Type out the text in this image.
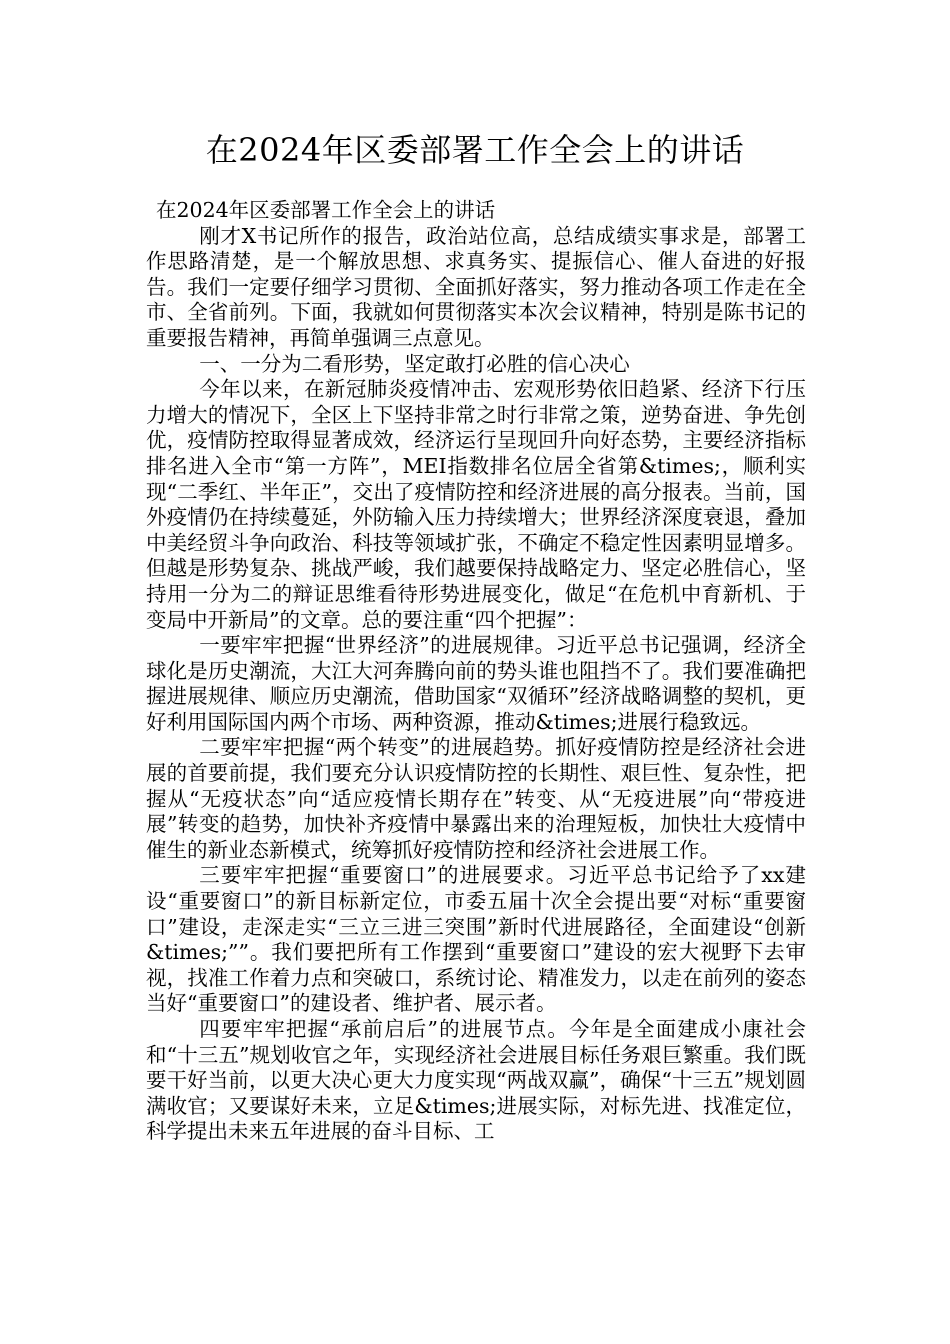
在2024年区委部署工作全会上的讲话

在2024年区委部署工作全会上的讲话

刚才X书记所作的报告，政治站位高，总结成绩实事求是，部署工作思路清楚，是一个解放思想、求真务实、提振信心、催人奋进的好报告。我们一定要仔细学习贯彻、全面抓好落实，努力推动各项工作走在全市、全省前列。下面，我就如何贯彻落实本次会议精神，特别是陈书记的重要报告精神，再简单强调三点意见。

一、一分为二看形势，坚定敢打必胜的信心决心

今年以来，在新冠肺炎疫情冲击、宏观形势依旧趋紧、经济下行压力增大的情况下，全区上下坚持非常之时行非常之策，逆势奋进、争先创优，疫情防控取得显著成效，经济运行呈现回升向好态势，主要经济指标排名进入全市“第一方阵”，MEI指数排名位居全省第&times;，顺利实现“二季红、半年正”，交出了疫情防控和经济进展的高分报表。当前，国外疫情仍在持续蔓延，外防输入压力持续增大；世界经济深度衰退，叠加中美经贸斗争向政治、科技等领域扩张，不确定不稳定性因素明显增多。但越是形势复杂、挑战严峻，我们越要保持战略定力、坚定必胜信心，坚持用一分为二的辩证思维看待形势进展变化，做足“在危机中育新机、于变局中开新局”的文章。总的要注重“四个把握”：

一要牢牢把握“世界经济”的进展规律。习近平总书记强调，经济全球化是历史潮流，大江大河奔腾向前的势头谁也阻挡不了。我们要准确把握进展规律、顺应历史潮流，借助国家“双循环”经济战略调整的契机，更好利用国际国内两个市场、两种资源，推动&times;进展行稳致远。

二要牢牢把握“两个转变”的进展趋势。抓好疫情防控是经济社会进展的首要前提，我们要充分认识疫情防控的长期性、艰巨性、复杂性，把握从“无疫状态”向“适应疫情长期存在”转变、从“无疫进展”向“带疫进展”转变的趋势，加快补齐疫情中暴露出来的治理短板，加快壮大疫情中催生的新业态新模式，统筹抓好疫情防控和经济社会进展工作。

三要牢牢把握“重要窗口”的进展要求。习近平总书记给予了xx建设“重要窗口”的新目标新定位，市委五届十次全会提出要“对标“重要窗口”建设，走深走实“三立三进三突围”新时代进展路径，全面建设“创新&times;””。我们要把所有工作摆到“重要窗口”建设的宏大视野下去审视，找准工作着力点和突破口，系统讨论、精准发力，以走在前列的姿态当好“重要窗口”的建设者、维护者、展示者。

四要牢牢把握“承前启后”的进展节点。今年是全面建成小康社会和“十三五”规划收官之年，实现经济社会进展目标任务艰巨繁重。我们既要干好当前，以更大决心更大力度实现“两战双赢”，确保“十三五”规划圆满收官；又要谋好未来，立足&times;进展实际，对标先进、找准定位，科学提出未来五年进展的奋斗目标、工
